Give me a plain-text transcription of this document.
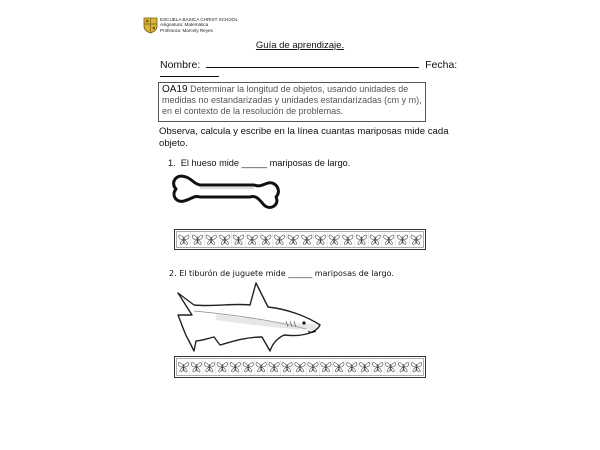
ESCUELA BASICA CHRIST SCHOOL
Asignatura: Matemática
Profesora: Marcely Reyes
Guía de aprendizaje.
Nombre:	Fecha:
OA19 Determinar la longitud de objetos, usando unidades de medidas no estandarizadas y unidades estandarizadas (cm y m), en el contexto de la resolución de problemas.
Observa, calcula y escribe en la línea cuantas mariposas mide cada objeto.
1. El hueso mide _____ mariposas de largo.
2. El tiburón de juguete mide ______ mariposas de largo.
